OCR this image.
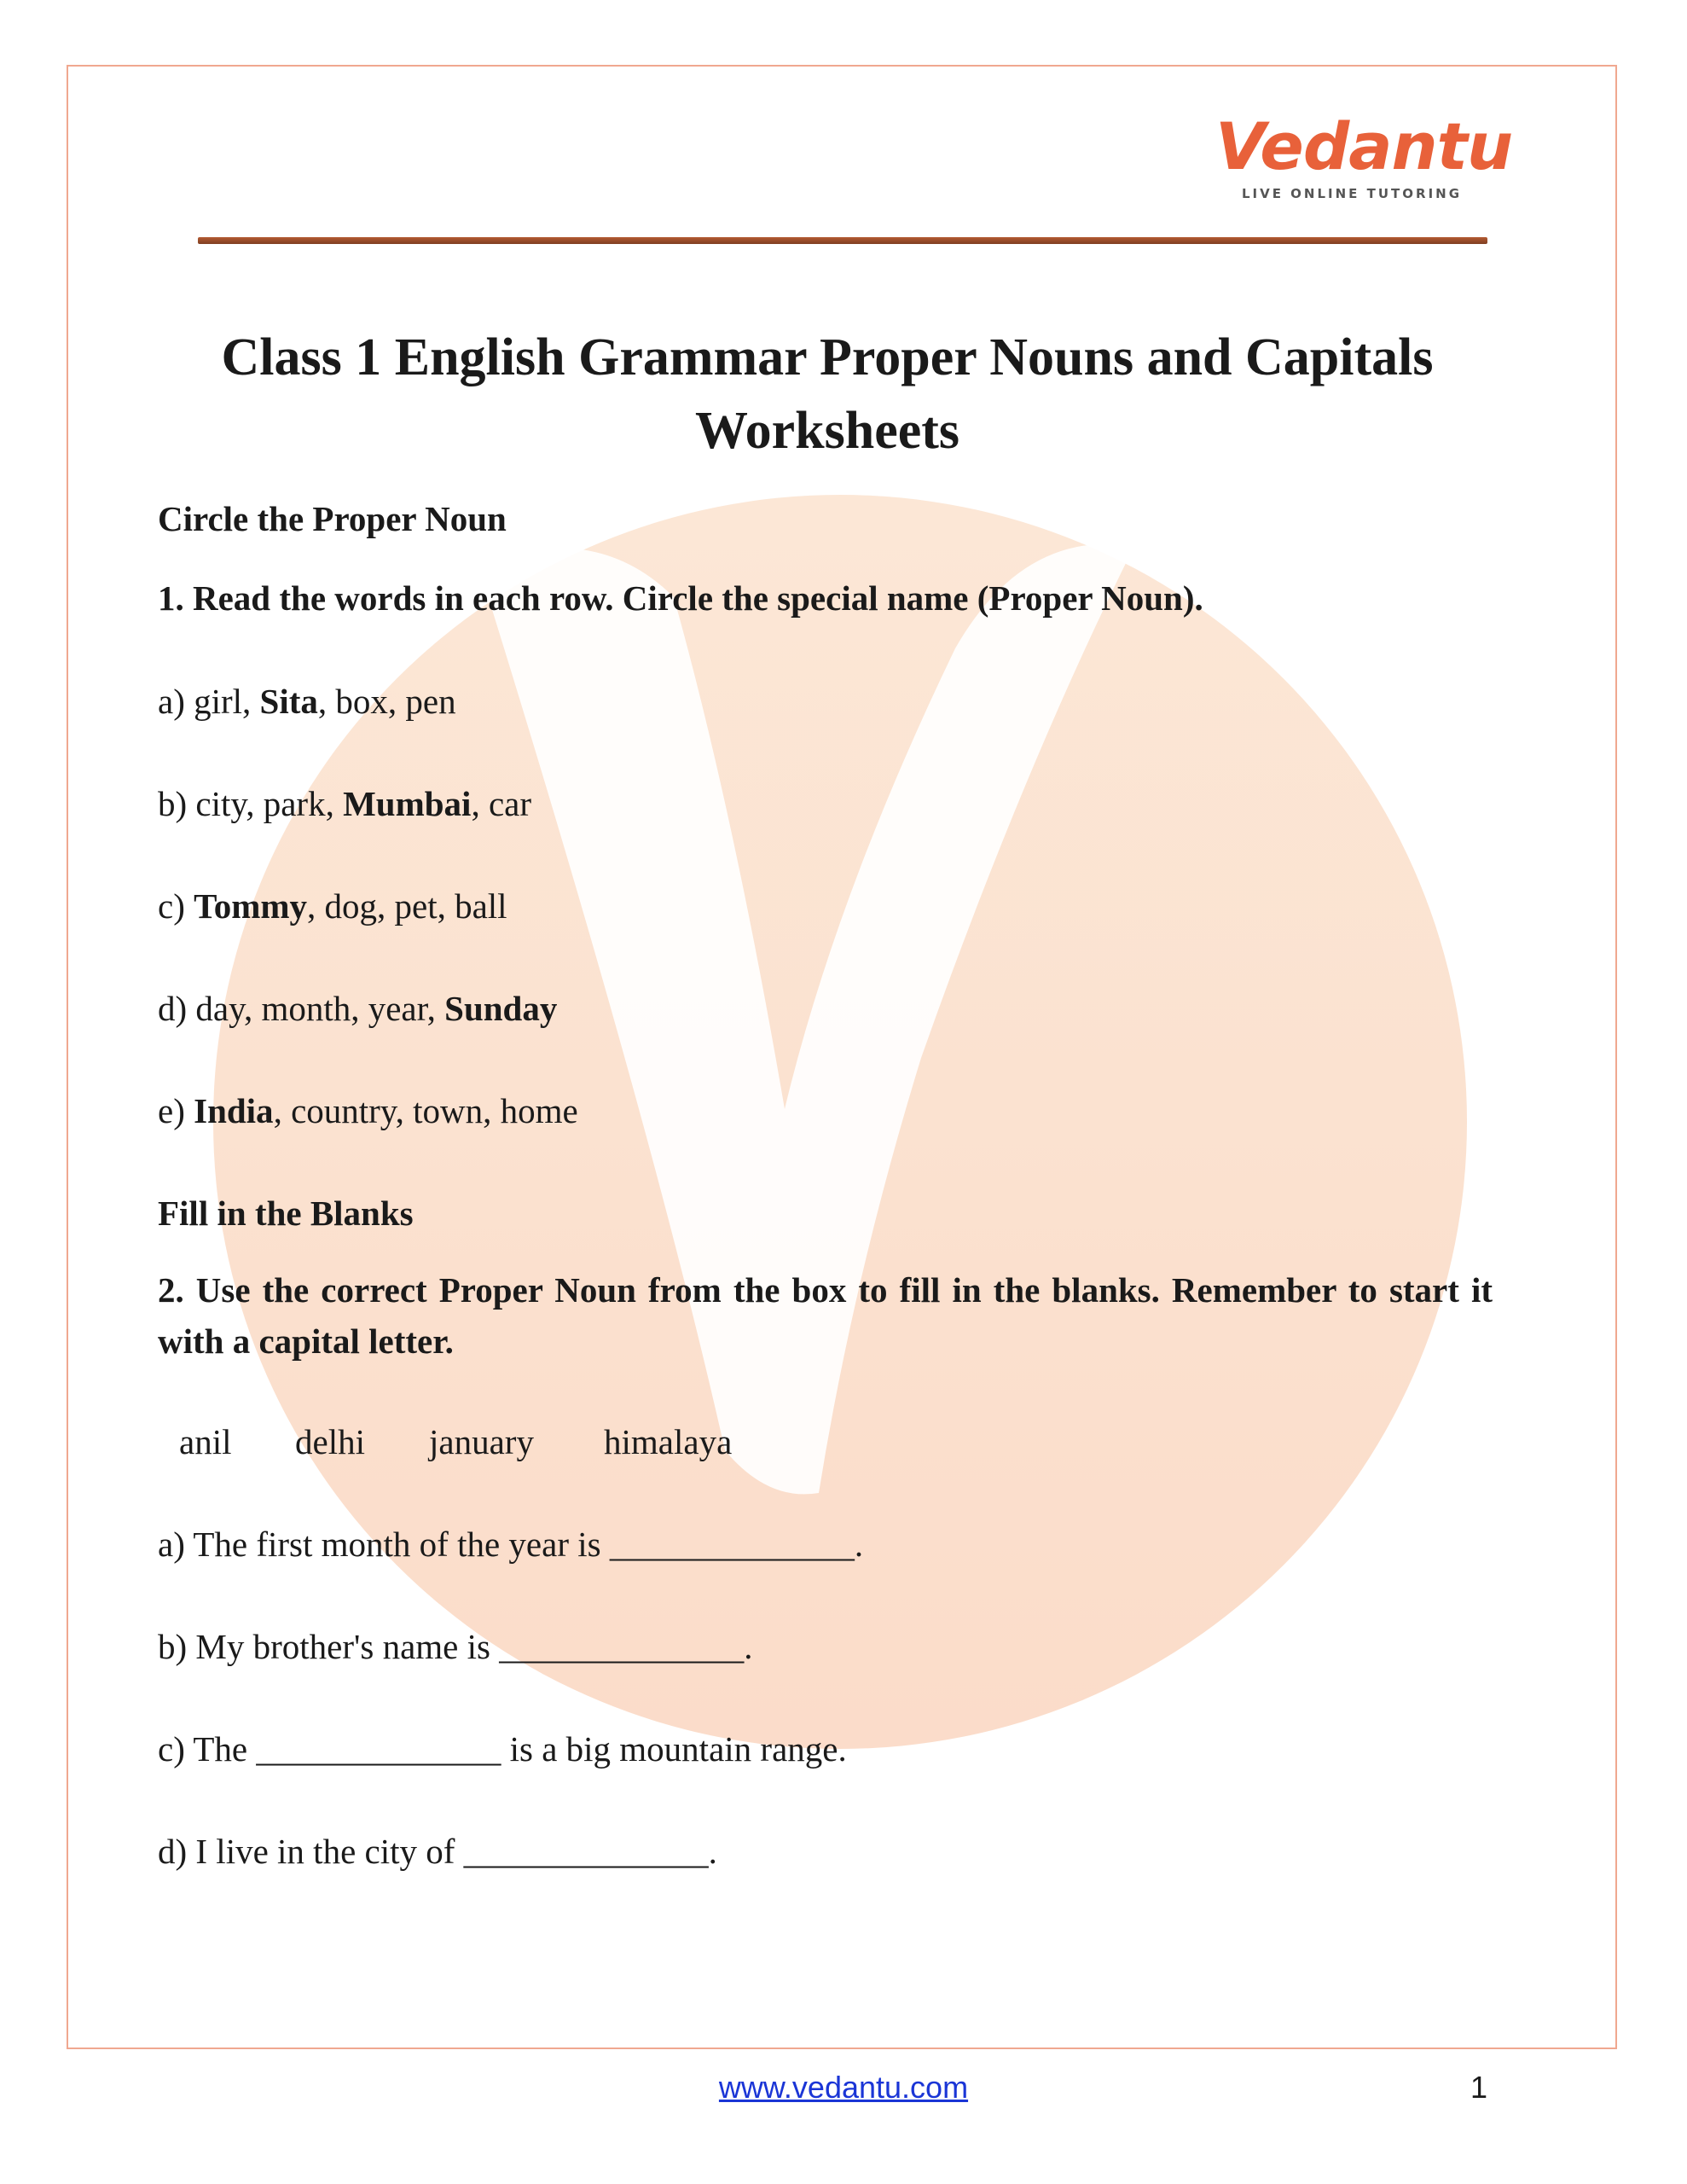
Vedantu
LIVE ONLINE TUTORING
Class 1 English Grammar Proper Nouns and Capitals
Worksheets
Circle the Proper Noun
1. Read the words in each row. Circle the special name (Proper Noun).
a) girl, Sita, box, pen
b) city, park, Mumbai, car
c) Tommy, dog, pet, ball
d) day, month, year, Sunday
e) India, country, town, home
Fill in the Blanks
2. Use the correct Proper Noun from the box to fill in the blanks. Remember to start it with a capital letter.
anil delhi january himalaya
a) The first month of the year is ______________.
b) My brother's name is ______________.
c) The ______________ is a big mountain range.
d) I live in the city of ______________.
www.vedantu.com	1
